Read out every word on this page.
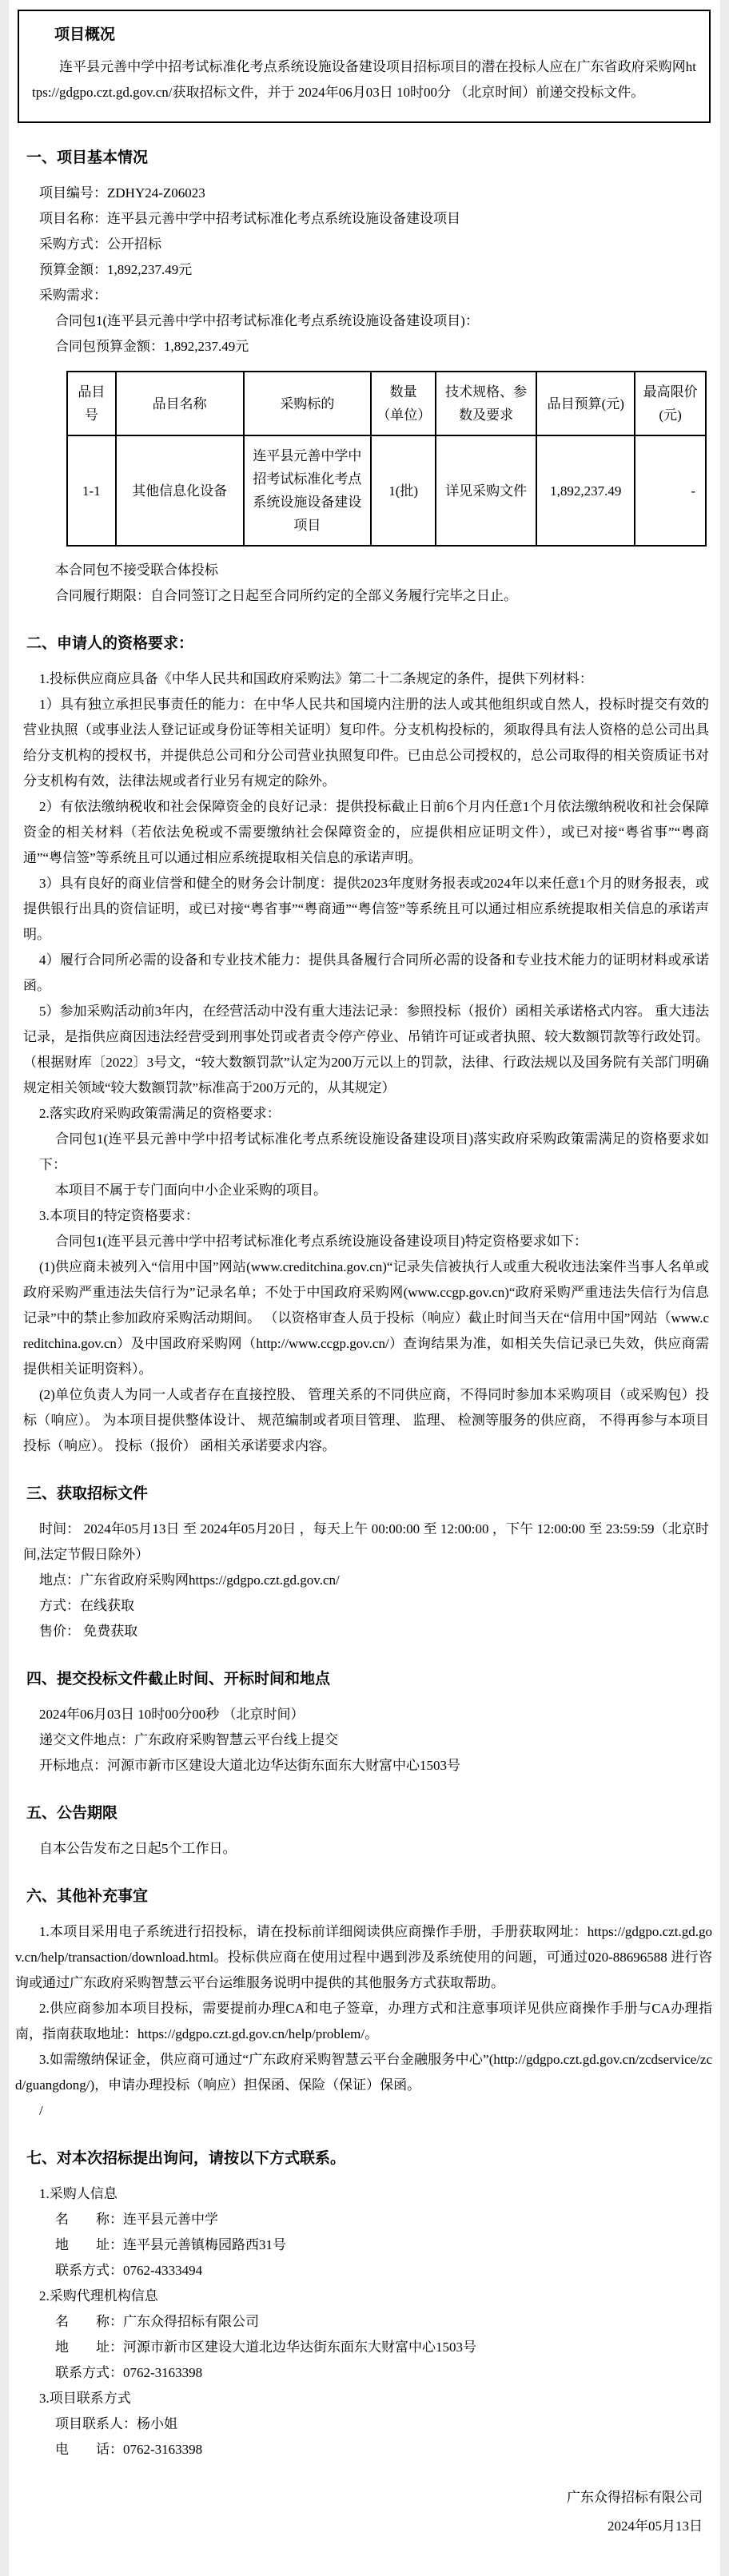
项目概况

连平县元善中学中招考试标准化考点系统设施设备建设项目招标项目的潜在投标人应在广东省政府采购网https://gdgpo.czt.gd.gov.cn/获取招标文件，并于 2024年06月03日 10时00分 （北京时间）前递交投标文件。

一、项目基本情况

项目编号：ZDHY24-Z06023

项目名称：连平县元善中学中招考试标准化考点系统设施设备建设项目

采购方式：公开招标

预算金额：1,892,237.49元

采购需求：

合同包1(连平县元善中学中招考试标准化考点系统设施设备建设项目)：

合同包预算金额：1,892,237.49元

品目号	品目名称	采购标的	数量（单位）	技术规格、参数及要求	品目预算(元)	最高限价(元)
1-1	其他信息化设备	连平县元善中学中招考试标准化考点系统设施设备建设项目	1(批)	详见采购文件	1,892,237.49	-

本合同包不接受联合体投标

合同履行期限：自合同签订之日起至合同所约定的全部义务履行完毕之日止。

二、申请人的资格要求：

1.投标供应商应具备《中华人民共和国政府采购法》第二十二条规定的条件，提供下列材料：

1）具有独立承担民事责任的能力：在中华人民共和国境内注册的法人或其他组织或自然人，投标时提交有效的营业执照（或事业法人登记证或身份证等相关证明）复印件。分支机构投标的，须取得具有法人资格的总公司出具给分支机构的授权书，并提供总公司和分公司营业执照复印件。已由总公司授权的，总公司取得的相关资质证书对分支机构有效，法律法规或者行业另有规定的除外。

2）有依法缴纳税收和社会保障资金的良好记录：提供投标截止日前6个月内任意1个月依法缴纳税收和社会保障资金的相关材料（若依法免税或不需要缴纳社会保障资金的，应提供相应证明文件），或已对接“粤省事”“粤商通”“粤信签”等系统且可以通过相应系统提取相关信息的承诺声明。

3）具有良好的商业信誉和健全的财务会计制度：提供2023年度财务报表或2024年以来任意1个月的财务报表，或提供银行出具的资信证明，或已对接“粤省事”“粤商通”“粤信签”等系统且可以通过相应系统提取相关信息的承诺声明。

4）履行合同所必需的设备和专业技术能力：提供具备履行合同所必需的设备和专业技术能力的证明材料或承诺函。

5）参加采购活动前3年内，在经营活动中没有重大违法记录：参照投标（报价）函相关承诺格式内容。 重大违法记录，是指供应商因违法经营受到刑事处罚或者责令停产停业、吊销许可证或者执照、较大数额罚款等行政处罚。 （根据财库〔2022〕3号文，“较大数额罚款”认定为200万元以上的罚款，法律、行政法规以及国务院有关部门明确规定相关领域“较大数额罚款”标准高于200万元的，从其规定）

2.落实政府采购政策需满足的资格要求：

合同包1(连平县元善中学中招考试标准化考点系统设施设备建设项目)落实政府采购政策需满足的资格要求如下：

本项目不属于专门面向中小企业采购的项目。

3.本项目的特定资格要求：

合同包1(连平县元善中学中招考试标准化考点系统设施设备建设项目)特定资格要求如下：

(1)供应商未被列入“信用中国”网站(www.creditchina.gov.cn)“记录失信被执行人或重大税收违法案件当事人名单或政府采购严重违法失信行为”记录名单；不处于中国政府采购网(www.ccgp.gov.cn)“政府采购严重违法失信行为信息记录”中的禁止参加政府采购活动期间。 （以资格审查人员于投标（响应）截止时间当天在“信用中国”网站（www.creditchina.gov.cn）及中国政府采购网（http://www.ccgp.gov.cn/）查询结果为准，如相关失信记录已失效，供应商需提供相关证明资料）。

(2)单位负责人为同一人或者存在直接控股、 管理关系的不同供应商，不得同时参加本采购项目（或采购包）投标（响应）。 为本项目提供整体设计、 规范编制或者项目管理、 监理、 检测等服务的供应商， 不得再参与本项目投标（响应）。 投标（报价） 函相关承诺要求内容。

三、获取招标文件

时间： 2024年05月13日 至 2024年05月20日 ，每天上午 00:00:00 至 12:00:00 ，下午 12:00:00 至 23:59:59（北京时间,法定节假日除外）

地点：广东省政府采购网https://gdgpo.czt.gd.gov.cn/

方式：在线获取

售价： 免费获取

四、提交投标文件截止时间、开标时间和地点

2024年06月03日 10时00分00秒 （北京时间）

递交文件地点：广东政府采购智慧云平台线上提交

开标地点：河源市新市区建设大道北边华达街东面东大财富中心1503号

五、公告期限

自本公告发布之日起5个工作日。

六、其他补充事宜

1.本项目采用电子系统进行招投标，请在投标前详细阅读供应商操作手册，手册获取网址：https://gdgpo.czt.gd.gov.cn/help/transaction/download.html。投标供应商在使用过程中遇到涉及系统使用的问题，可通过020-88696588 进行咨询或通过广东政府采购智慧云平台运维服务说明中提供的其他服务方式获取帮助。

2.供应商参加本项目投标，需要提前办理CA和电子签章，办理方式和注意事项详见供应商操作手册与CA办理指南，指南获取地址：https://gdgpo.czt.gd.gov.cn/help/problem/。

3.如需缴纳保证金，供应商可通过“广东政府采购智慧云平台金融服务中心”(http://gdgpo.czt.gd.gov.cn/zcdservice/zcd/guangdong/)，申请办理投标（响应）担保函、保险（保证）保函。

/

七、对本次招标提出询问，请按以下方式联系。

1.采购人信息

名　　称：连平县元善中学

地　　址：连平县元善镇梅园路西31号

联系方式：0762-4333494

2.采购代理机构信息

名　　称：广东众得招标有限公司

地　　址：河源市新市区建设大道北边华达街东面东大财富中心1503号

联系方式：0762-3163398

3.项目联系方式

项目联系人：杨小姐

电　　话：0762-3163398

广东众得招标有限公司

2024年05月13日
